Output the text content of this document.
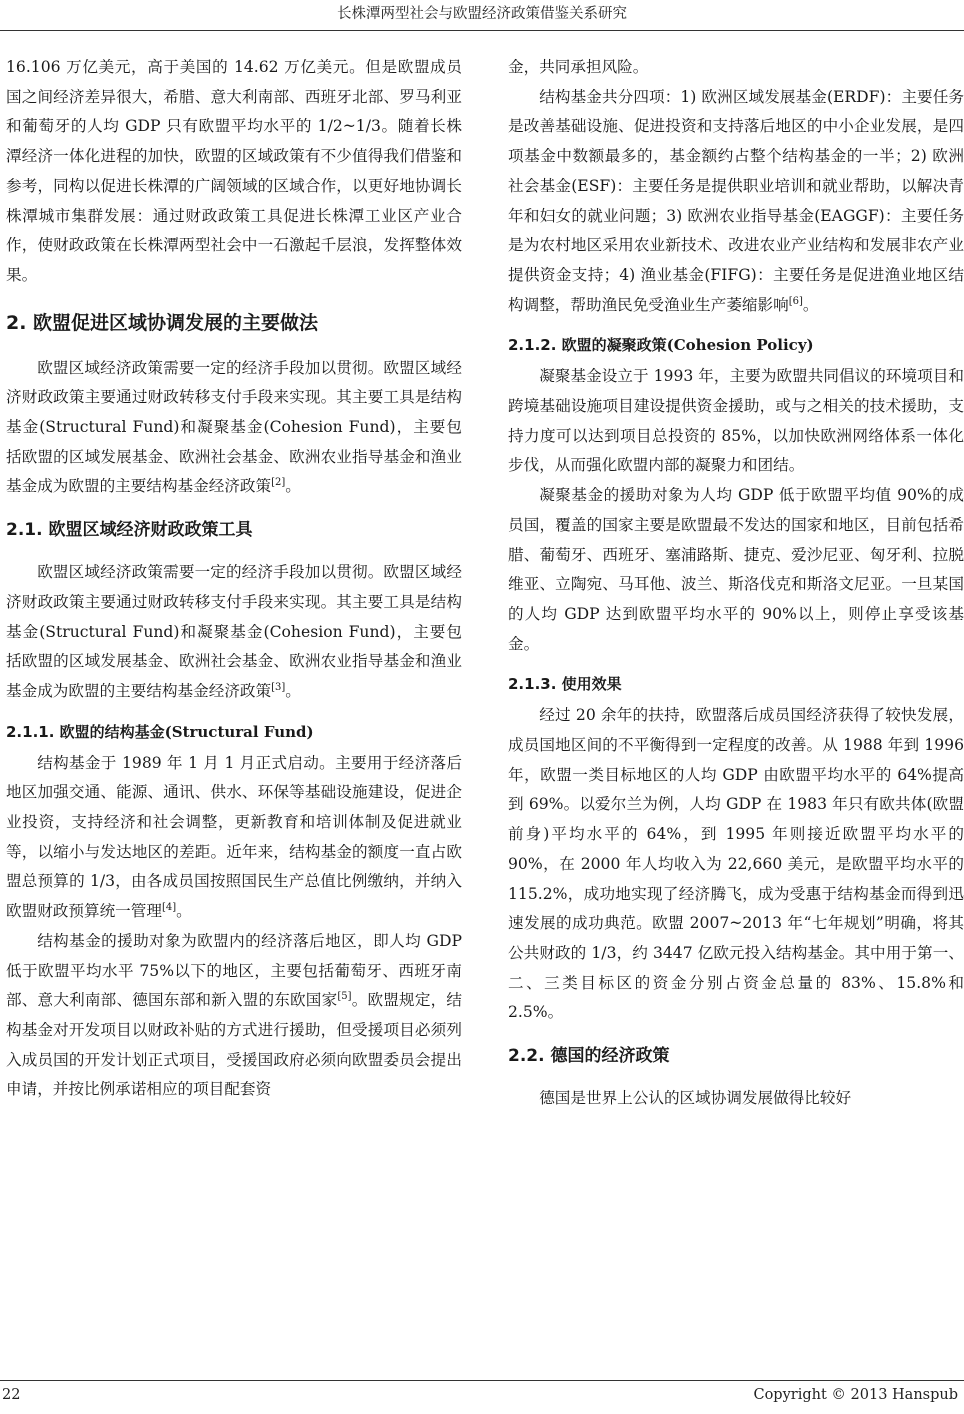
长株潭两型社会与欧盟经济政策借鉴关系研究

16.106 万亿美元，高于美国的 14.62 万亿美元。但是欧盟成员国之间经济差异很大，希腊、意大利南部、西班牙北部、罗马利亚和葡萄牙的人均 GDP 只有欧盟平均水平的 1/2~1/3。随着长株潭经济一体化进程的加快，欧盟的区域政策有不少值得我们借鉴和参考，同构以促进长株潭的广阔领域的区域合作，以更好地协调长株潭城市集群发展：通过财政政策工具促进长株潭工业区产业合作，使财政政策在长株潭两型社会中一石激起千层浪，发挥整体效果。

2. 欧盟促进区域协调发展的主要做法

欧盟区域经济政策需要一定的经济手段加以贯彻。欧盟区域经济财政政策主要通过财政转移支付手段来实现。其主要工具是结构基金(Structural Fund)和凝聚基金(Cohesion Fund)，主要包括欧盟的区域发展基金、欧洲社会基金、欧洲农业指导基金和渔业基金成为欧盟的主要结构基金经济政策[2]。

2.1. 欧盟区域经济财政政策工具

欧盟区域经济政策需要一定的经济手段加以贯彻。欧盟区域经济财政政策主要通过财政转移支付手段来实现。其主要工具是结构基金(Structural Fund)和凝聚基金(Cohesion Fund)，主要包括欧盟的区域发展基金、欧洲社会基金、欧洲农业指导基金和渔业基金成为欧盟的主要结构基金经济政策[3]。

2.1.1. 欧盟的结构基金(Structural Fund)

结构基金于 1989 年 1 月 1 月正式启动。主要用于经济落后地区加强交通、能源、通讯、供水、环保等基础设施建设，促进企业投资，支持经济和社会调整，更新教育和培训体制及促进就业等，以缩小与发达地区的差距。近年来，结构基金的额度一直占欧盟总预算的 1/3，由各成员国按照国民生产总值比例缴纳，并纳入欧盟财政预算统一管理[4]。

结构基金的援助对象为欧盟内的经济落后地区，即人均 GDP 低于欧盟平均水平 75%以下的地区，主要包括葡萄牙、西班牙南部、意大利南部、德国东部和新入盟的东欧国家[5]。欧盟规定，结构基金对开发项目以财政补贴的方式进行援助，但受援项目必须列入成员国的开发计划正式项目，受援国政府必须向欧盟委员会提出申请，并按比例承诺相应的项目配套资

金，共同承担风险。

结构基金共分四项：1) 欧洲区域发展基金(ERDF)：主要任务是改善基础设施、促进投资和支持落后地区的中小企业发展，是四项基金中数额最多的，基金额约占整个结构基金的一半；2) 欧洲社会基金(ESF)：主要任务是提供职业培训和就业帮助，以解决青年和妇女的就业问题；3) 欧洲农业指导基金(EAGGF)：主要任务是为农村地区采用农业新技术、改进农业产业结构和发展非农产业提供资金支持；4) 渔业基金(FIFG)：主要任务是促进渔业地区结构调整，帮助渔民免受渔业生产萎缩影响[6]。

2.1.2. 欧盟的凝聚政策(Cohesion Policy)

凝聚基金设立于 1993 年，主要为欧盟共同倡议的环境项目和跨境基础设施项目建设提供资金援助，或与之相关的技术援助，支持力度可以达到项目总投资的 85%，以加快欧洲网络体系一体化步伐，从而强化欧盟内部的凝聚力和团结。

凝聚基金的援助对象为人均 GDP 低于欧盟平均值 90%的成员国，覆盖的国家主要是欧盟最不发达的国家和地区，目前包括希腊、葡萄牙、西班牙、塞浦路斯、捷克、爱沙尼亚、匈牙利、拉脱维亚、立陶宛、马耳他、波兰、斯洛伐克和斯洛文尼亚。一旦某国的人均 GDP 达到欧盟平均水平的 90%以上，则停止享受该基金。

2.1.3. 使用效果

经过 20 余年的扶持，欧盟落后成员国经济获得了较快发展，成员国地区间的不平衡得到一定程度的改善。从 1988 年到 1996 年，欧盟一类目标地区的人均 GDP 由欧盟平均水平的 64%提高到 69%。以爱尔兰为例，人均 GDP 在 1983 年只有欧共体(欧盟前身)平均水平的 64%，到 1995 年则接近欧盟平均水平的 90%，在 2000 年人均收入为 22,660 美元，是欧盟平均水平的 115.2%，成功地实现了经济腾飞，成为受惠于结构基金而得到迅速发展的成功典范。欧盟 2007~2013 年“七年规划”明确，将其公共财政的 1/3，约 3447 亿欧元投入结构基金。其中用于第一、二、三类目标区的资金分别占资金总量的 83%、15.8%和 2.5%。

2.2. 德国的经济政策

德国是世界上公认的区域协调发展做得比较好

22	Copyright © 2013 Hanspub
